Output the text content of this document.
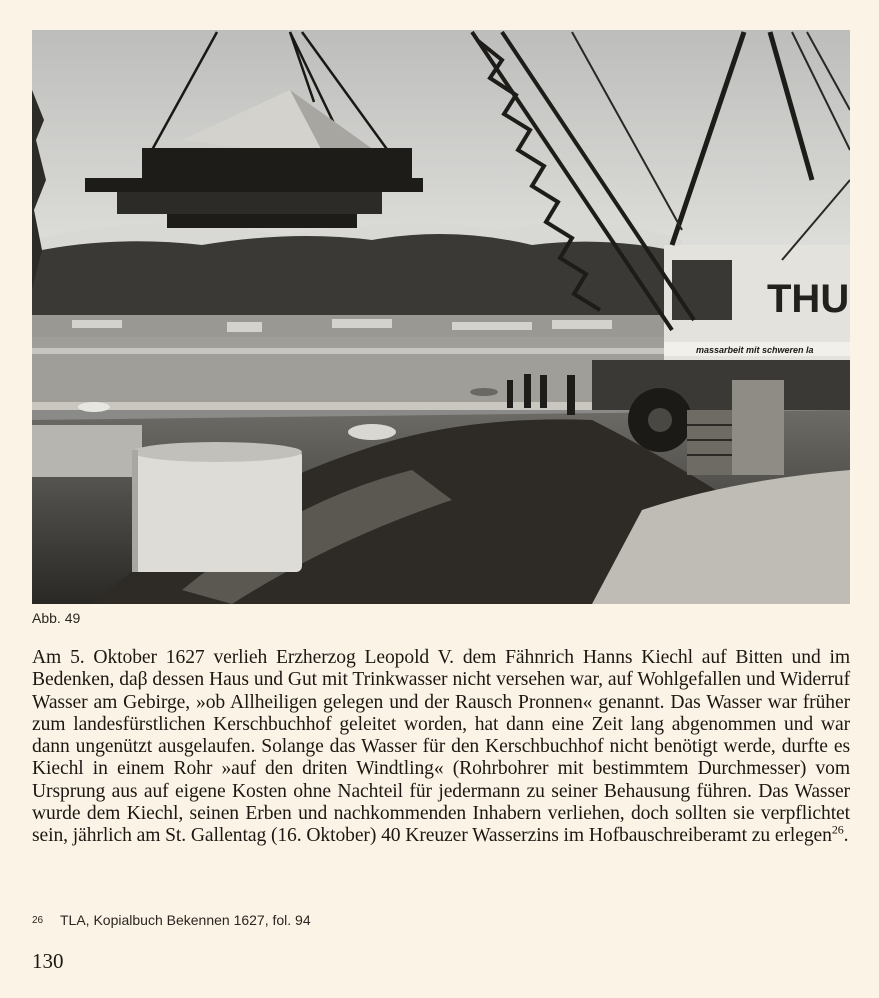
massarbeit mit schweren la
THU
Abb. 49

Am 5. Oktober 1627 verlieh Erzherzog Leopold V. dem Fähnrich Hanns Kiechl auf Bitten und im Bedenken, daβ dessen Haus und Gut mit Trinkwasser nicht versehen war, auf Wohlgefallen und Widerruf Wasser am Gebirge, »ob Allheiligen gelegen und der Rausch Pronnen« genannt. Das Wasser war früher zum landesfürstlichen Kerschbuchhof geleitet worden, hat dann eine Zeit lang abgenommen und war dann ungenützt ausgelaufen. Solange das Wasser für den Kerschbuchhof nicht benötigt werde, durfte es Kiechl in einem Rohr »auf den driten Windtling« (Rohrbohrer mit bestimmtem Durchmesser) vom Ursprung aus auf eigene Kosten ohne Nachteil für jedermann zu seiner Behausung führen. Das Wasser wurde dem Kiechl, seinen Erben und nachkommenden Inhabern verliehen, doch sollten sie verpflichtet sein, jährlich am St. Gallentag (16. Oktober) 40 Kreuzer Wasserzins im Hofbauschreiberamt zu erlegen$^{26}$.

26 TLA, Kopialbuch Bekennen 1627, fol. 94
130
